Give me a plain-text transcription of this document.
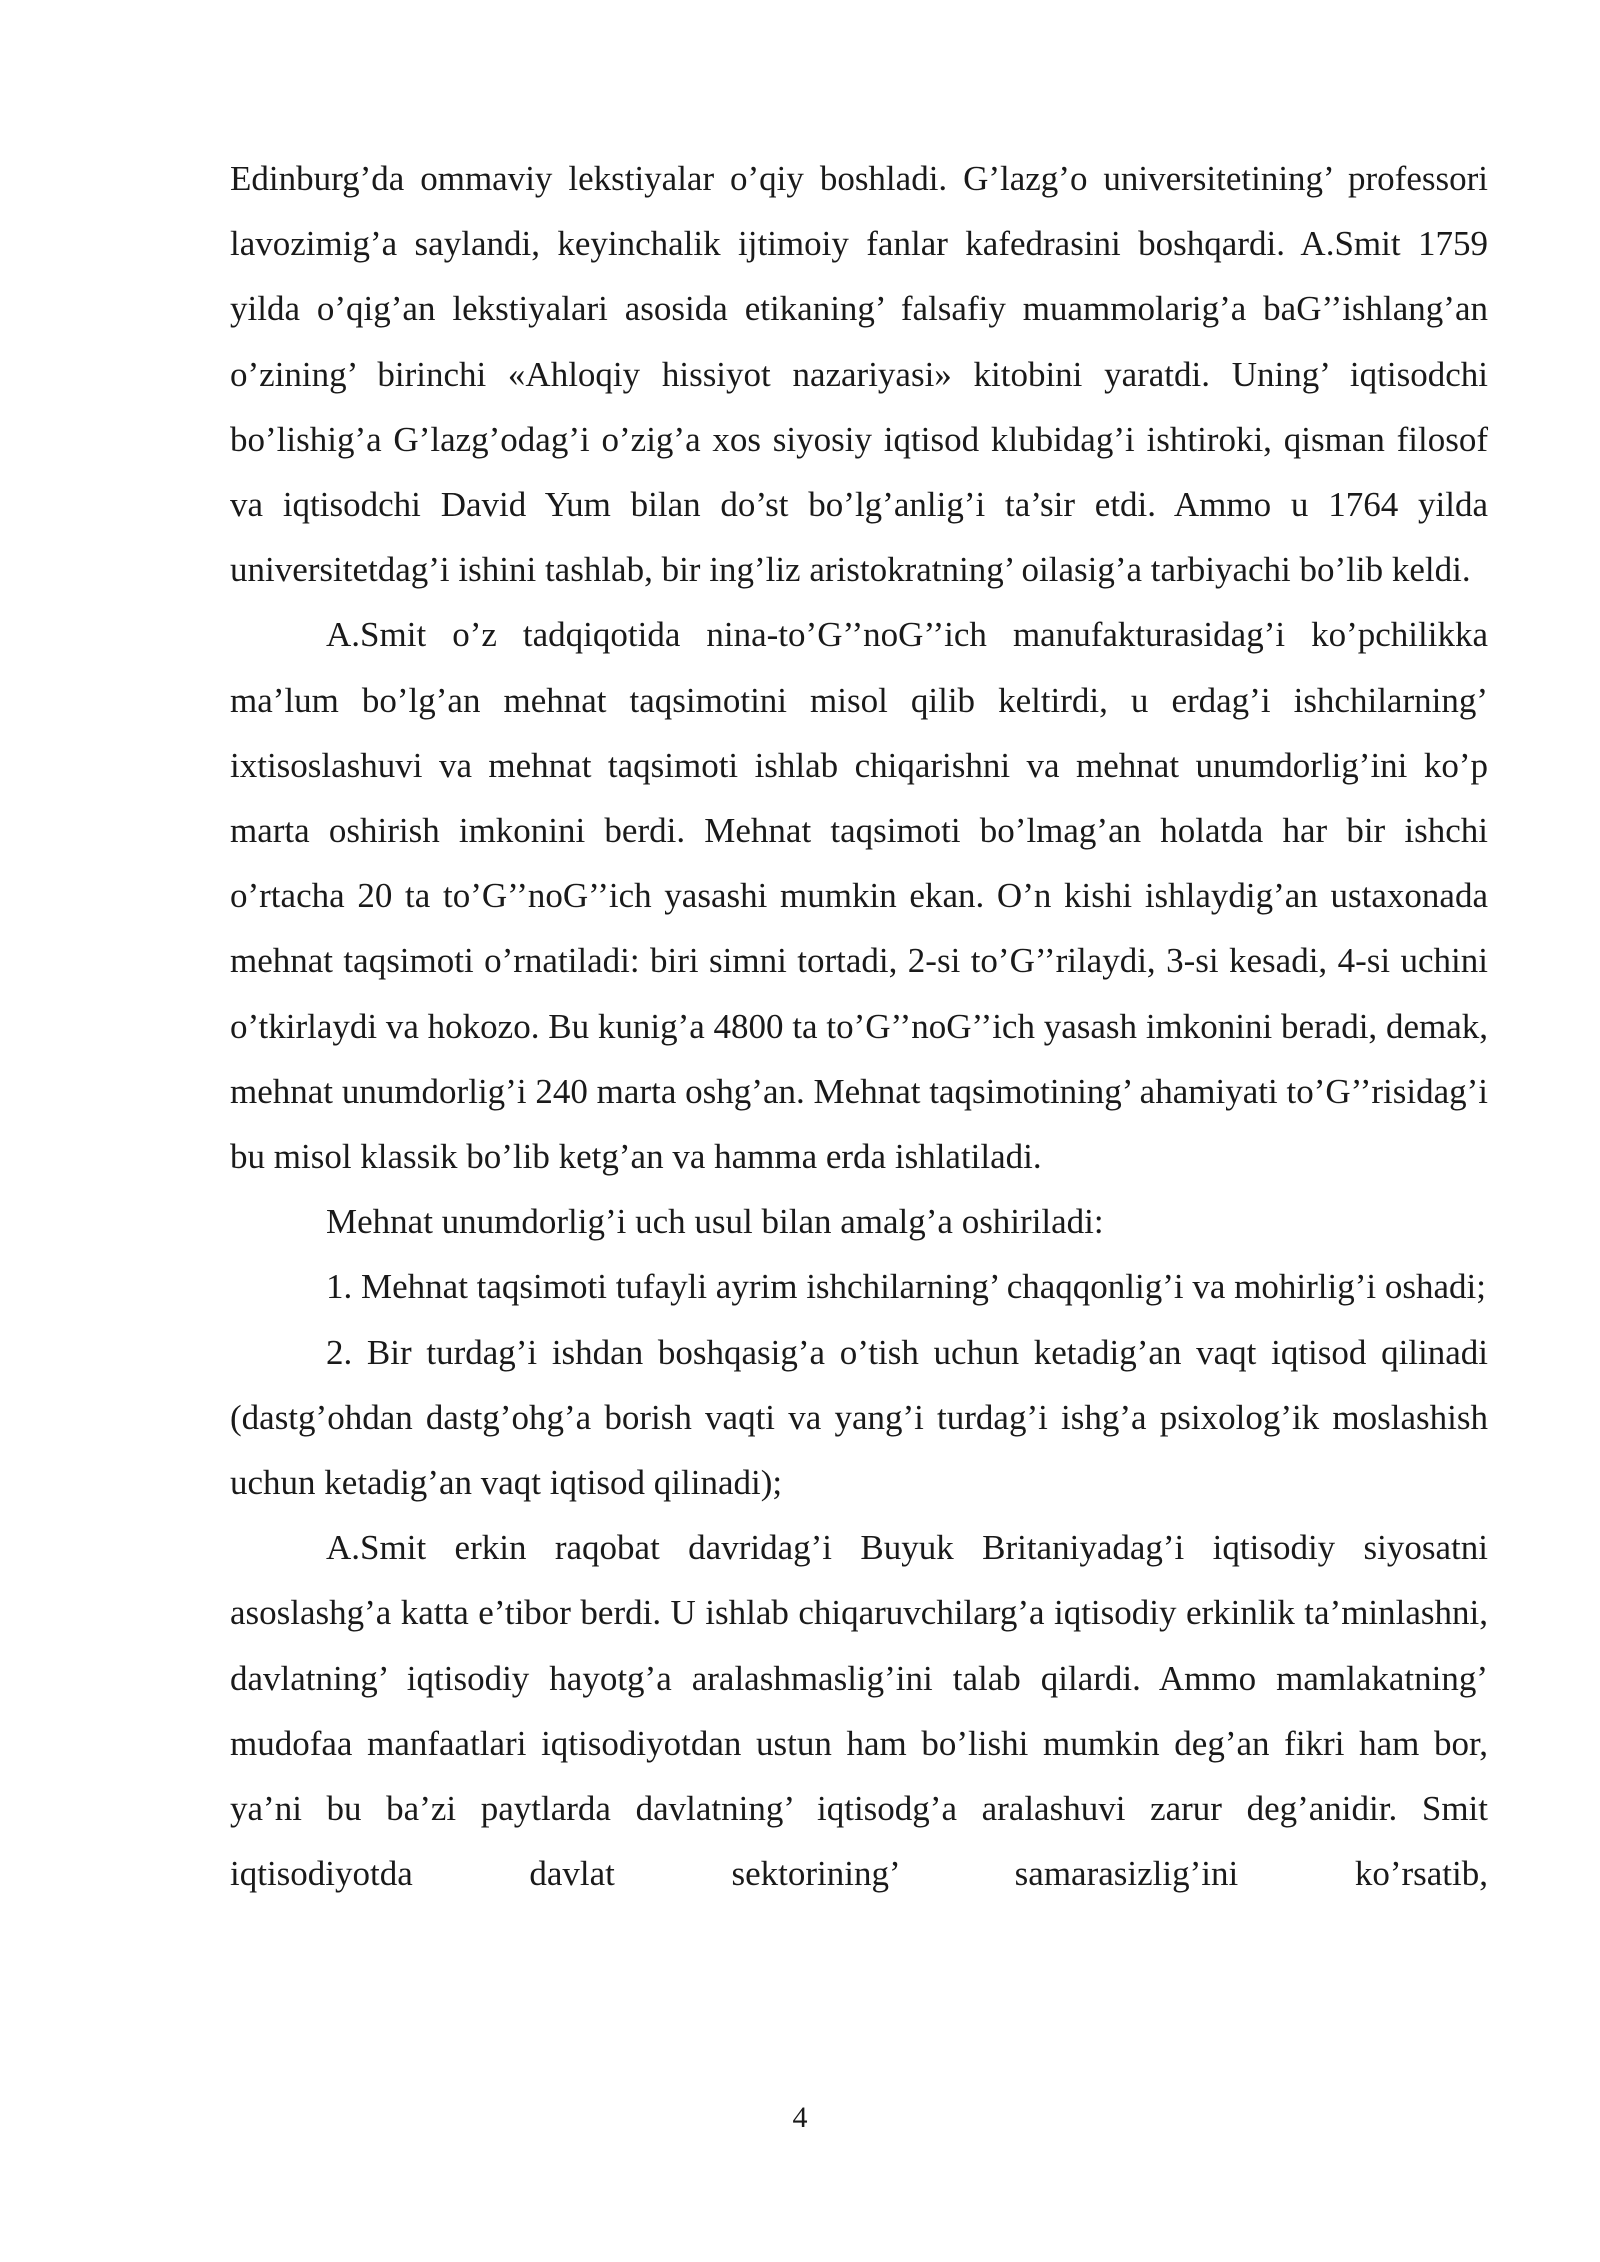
Edinburg’da ommaviy lekstiyalar o’qiy boshladi. G’lazg’o universitetining’ professori lavozimig’a saylandi, keyinchalik ijtimoiy fanlar kafedrasini boshqardi. A.Smit 1759 yilda o’qig’an lekstiyalari asosida etikaning’ falsafiy muammolarig’a baG’’ishlang’an o’zining’ birinchi «Ahloqiy hissiyot nazariyasi» kitobini yaratdi. Uning’ iqtisodchi bo’lishig’a G’lazg’odag’i o’zig’a xos siyosiy iqtisod klubidag’i ishtiroki, qisman filosof va iqtisodchi David Yum bilan do’st bo’lg’anlig’i ta’sir etdi. Ammo u 1764 yilda universitetdag’i ishini tashlab, bir ing’liz aristokratning’ oilasig’a tarbiyachi bo’lib keldi.

A.Smit o’z tadqiqotida nina-to’G’’noG’’ich manufakturasidag’i ko’pchilikka ma’lum bo’lg’an mehnat taqsimotini misol qilib keltirdi, u erdag’i ishchilarning’ ixtisoslashuvi va mehnat taqsimoti ishlab chiqarishni va mehnat unumdorlig’ini ko’p marta oshirish imkonini berdi. Mehnat taqsimoti bo’lmag’an holatda har bir ishchi o’rtacha 20 ta to’G’’noG’’ich yasashi mumkin ekan. O’n kishi ishlaydig’an ustaxonada mehnat taqsimoti o’rnatiladi: biri simni tortadi, 2-si to’G’’rilaydi, 3-si kesadi, 4-si uchini o’tkirlaydi va hokozo. Bu kunig’a 4800 ta to’G’’noG’’ich yasash imkonini beradi, demak, mehnat unumdorlig’i 240 marta oshg’an. Mehnat taqsimotining’ ahamiyati to’G’’risidag’i bu misol klassik bo’lib ketg’an va hamma erda ishlatiladi.

Mehnat unumdorlig’i uch usul bilan amalg’a oshiriladi:

1. Mehnat taqsimoti tufayli ayrim ishchilarning’ chaqqonlig’i va mohirlig’i oshadi;

2. Bir turdag’i ishdan boshqasig’a o’tish uchun ketadig’an vaqt iqtisod qilinadi (dastg’ohdan dastg’ohg’a borish vaqti va yang’i turdag’i ishg’a psixolog’ik moslashish uchun ketadig’an vaqt iqtisod qilinadi);

A.Smit erkin raqobat davridag’i Buyuk Britaniyadag’i iqtisodiy siyosatni asoslashg’a katta e’tibor berdi. U ishlab chiqaruvchilarg’a iqtisodiy erkinlik ta’minlashni, davlatning’ iqtisodiy hayotg’a aralashmaslig’ini talab qilardi. Ammo mamlakatning’ mudofaa manfaatlari iqtisodiyotdan ustun ham bo’lishi mumkin deg’an fikri ham bor, ya’ni bu ba’zi paytlarda davlatning’ iqtisodg’a aralashuvi zarur deg’anidir. Smit iqtisodiyotda davlat sektorining’ samarasizlig’ini ko’rsatib,

4
